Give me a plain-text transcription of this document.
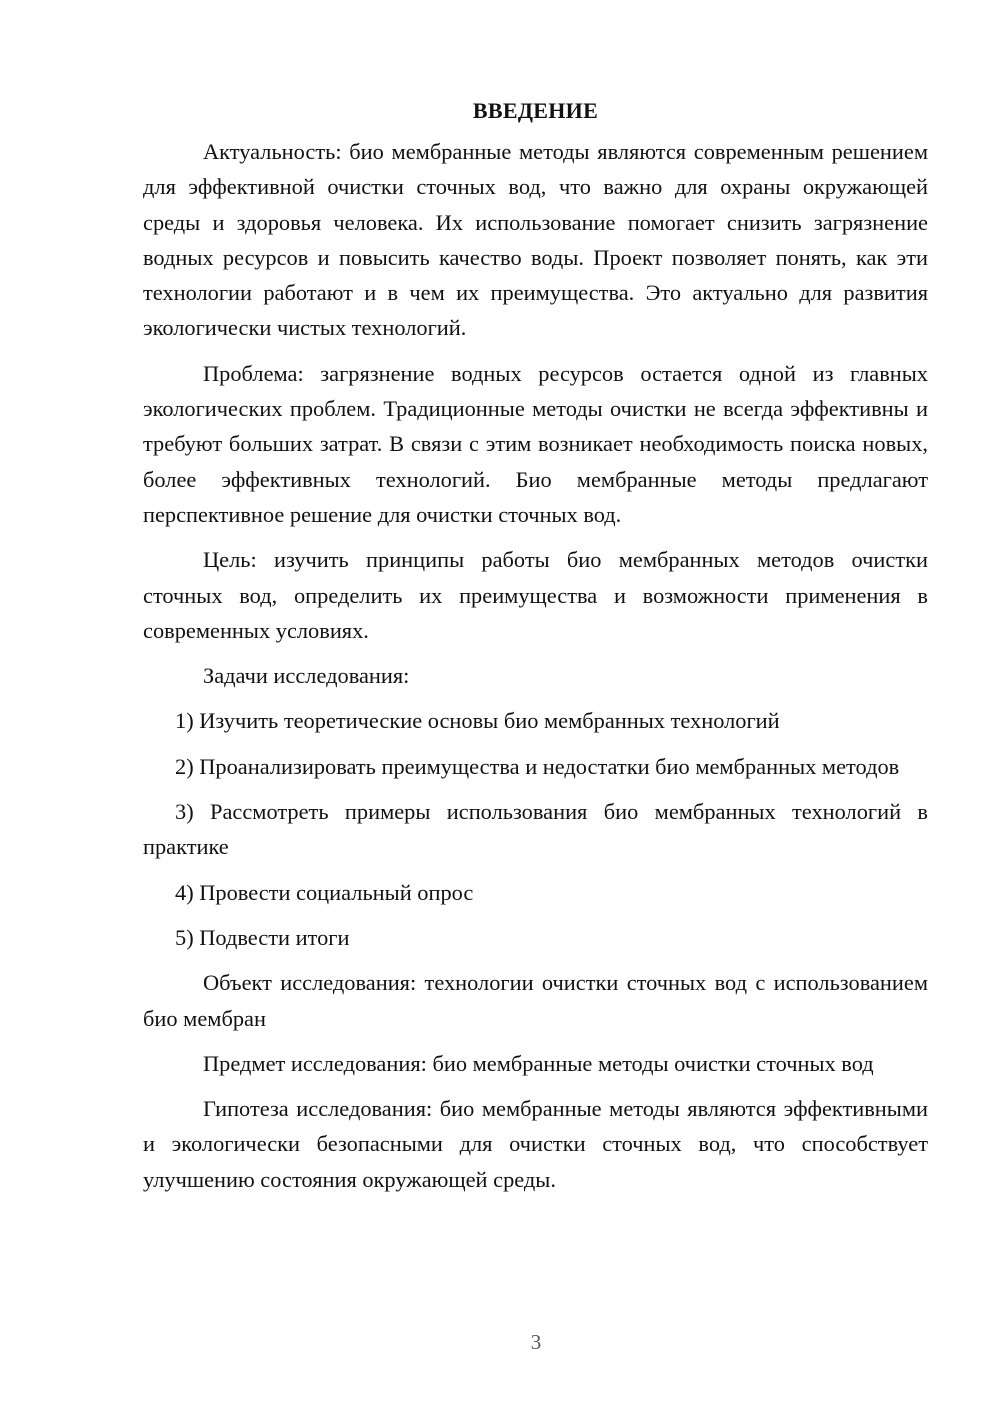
ВВЕДЕНИЕ

Актуальность: био мембранные методы являются современным решением для эффективной очистки сточных вод, что важно для охраны окружающей среды и здоровья человека. Их использование помогает снизить загрязнение водных ресурсов и повысить качество воды. Проект позволяет понять, как эти технологии работают и в чем их преимущества. Это актуально для развития экологически чистых технологий.

Проблема: загрязнение водных ресурсов остается одной из главных экологических проблем. Традиционные методы очистки не всегда эффективны и требуют больших затрат. В связи с этим возникает необходимость поиска новых, более эффективных технологий. Био мембранные методы предлагают перспективное решение для очистки сточных вод.

Цель: изучить принципы работы био мембранных методов очистки сточных вод, определить их преимущества и возможности применения в современных условиях.

Задачи исследования:

1) Изучить теоретические основы био мембранных технологий

2) Проанализировать преимущества и недостатки био мембранных методов

3) Рассмотреть примеры использования био мембранных технологий в практике

4) Провести социальный опрос

5) Подвести итоги

Объект исследования: технологии очистки сточных вод с использованием био мембран

Предмет исследования: био мембранные методы очистки сточных вод

Гипотеза исследования: био мембранные методы являются эффективными и экологически безопасными для очистки сточных вод, что способствует улучшению состояния окружающей среды.

3
